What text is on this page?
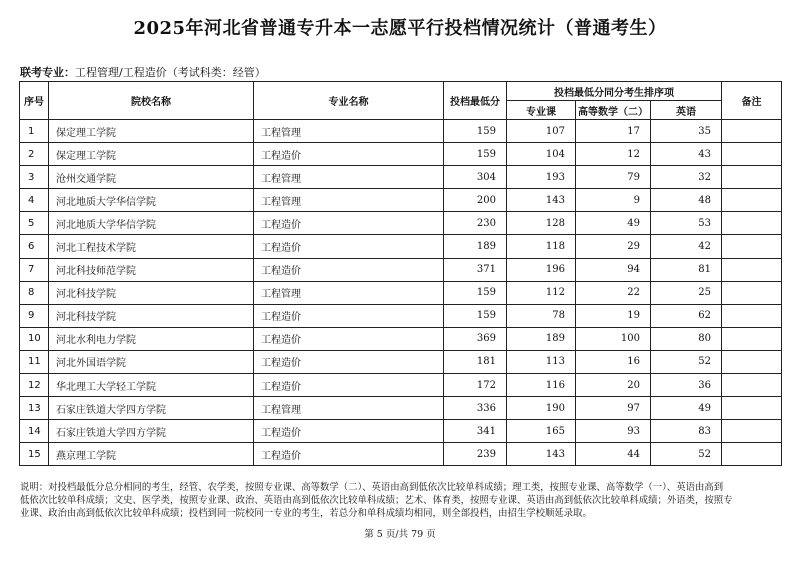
2025年河北省普通专升本一志愿平行投档情况统计（普通考生）
联考专业：工程管理/工程造价（考试科类：经管）
序号	院校名称	专业名称	投档最低分	投档最低分同分考生排序项			备注
				专业课	高等数学（二）	英语	
1	保定理工学院	工程管理	159	107	17	35	
2	保定理工学院	工程造价	159	104	12	43	
3	沧州交通学院	工程管理	304	193	79	32	
4	河北地质大学华信学院	工程管理	200	143	9	48	
5	河北地质大学华信学院	工程造价	230	128	49	53	
6	河北工程技术学院	工程造价	189	118	29	42	
7	河北科技师范学院	工程造价	371	196	94	81	
8	河北科技学院	工程管理	159	112	22	25	
9	河北科技学院	工程造价	159	78	19	62	
10	河北水利电力学院	工程造价	369	189	100	80	
11	河北外国语学院	工程造价	181	113	16	52	
12	华北理工大学轻工学院	工程造价	172	116	20	36	
13	石家庄铁道大学四方学院	工程管理	336	190	97	49	
14	石家庄铁道大学四方学院	工程造价	341	165	93	83	
15	燕京理工学院	工程造价	239	143	44	52	
说明：对投档最低分总分相同的考生，经管、农学类，按照专业课、高等数学（二）、英语由高到低依次比较单科成绩；理工类，按照专业课、高等数学（一）、英语由高到
低依次比较单科成绩；文史、医学类，按照专业课、政治、英语由高到低依次比较单科成绩；艺术、体育类，按照专业课、英语由高到低依次比较单科成绩；外语类，按照专
业课、政治由高到低依次比较单科成绩；投档到同一院校同一专业的考生，若总分和单科成绩均相同，则全部投档，由招生学校顺延录取。
第 5 页/共 79 页
